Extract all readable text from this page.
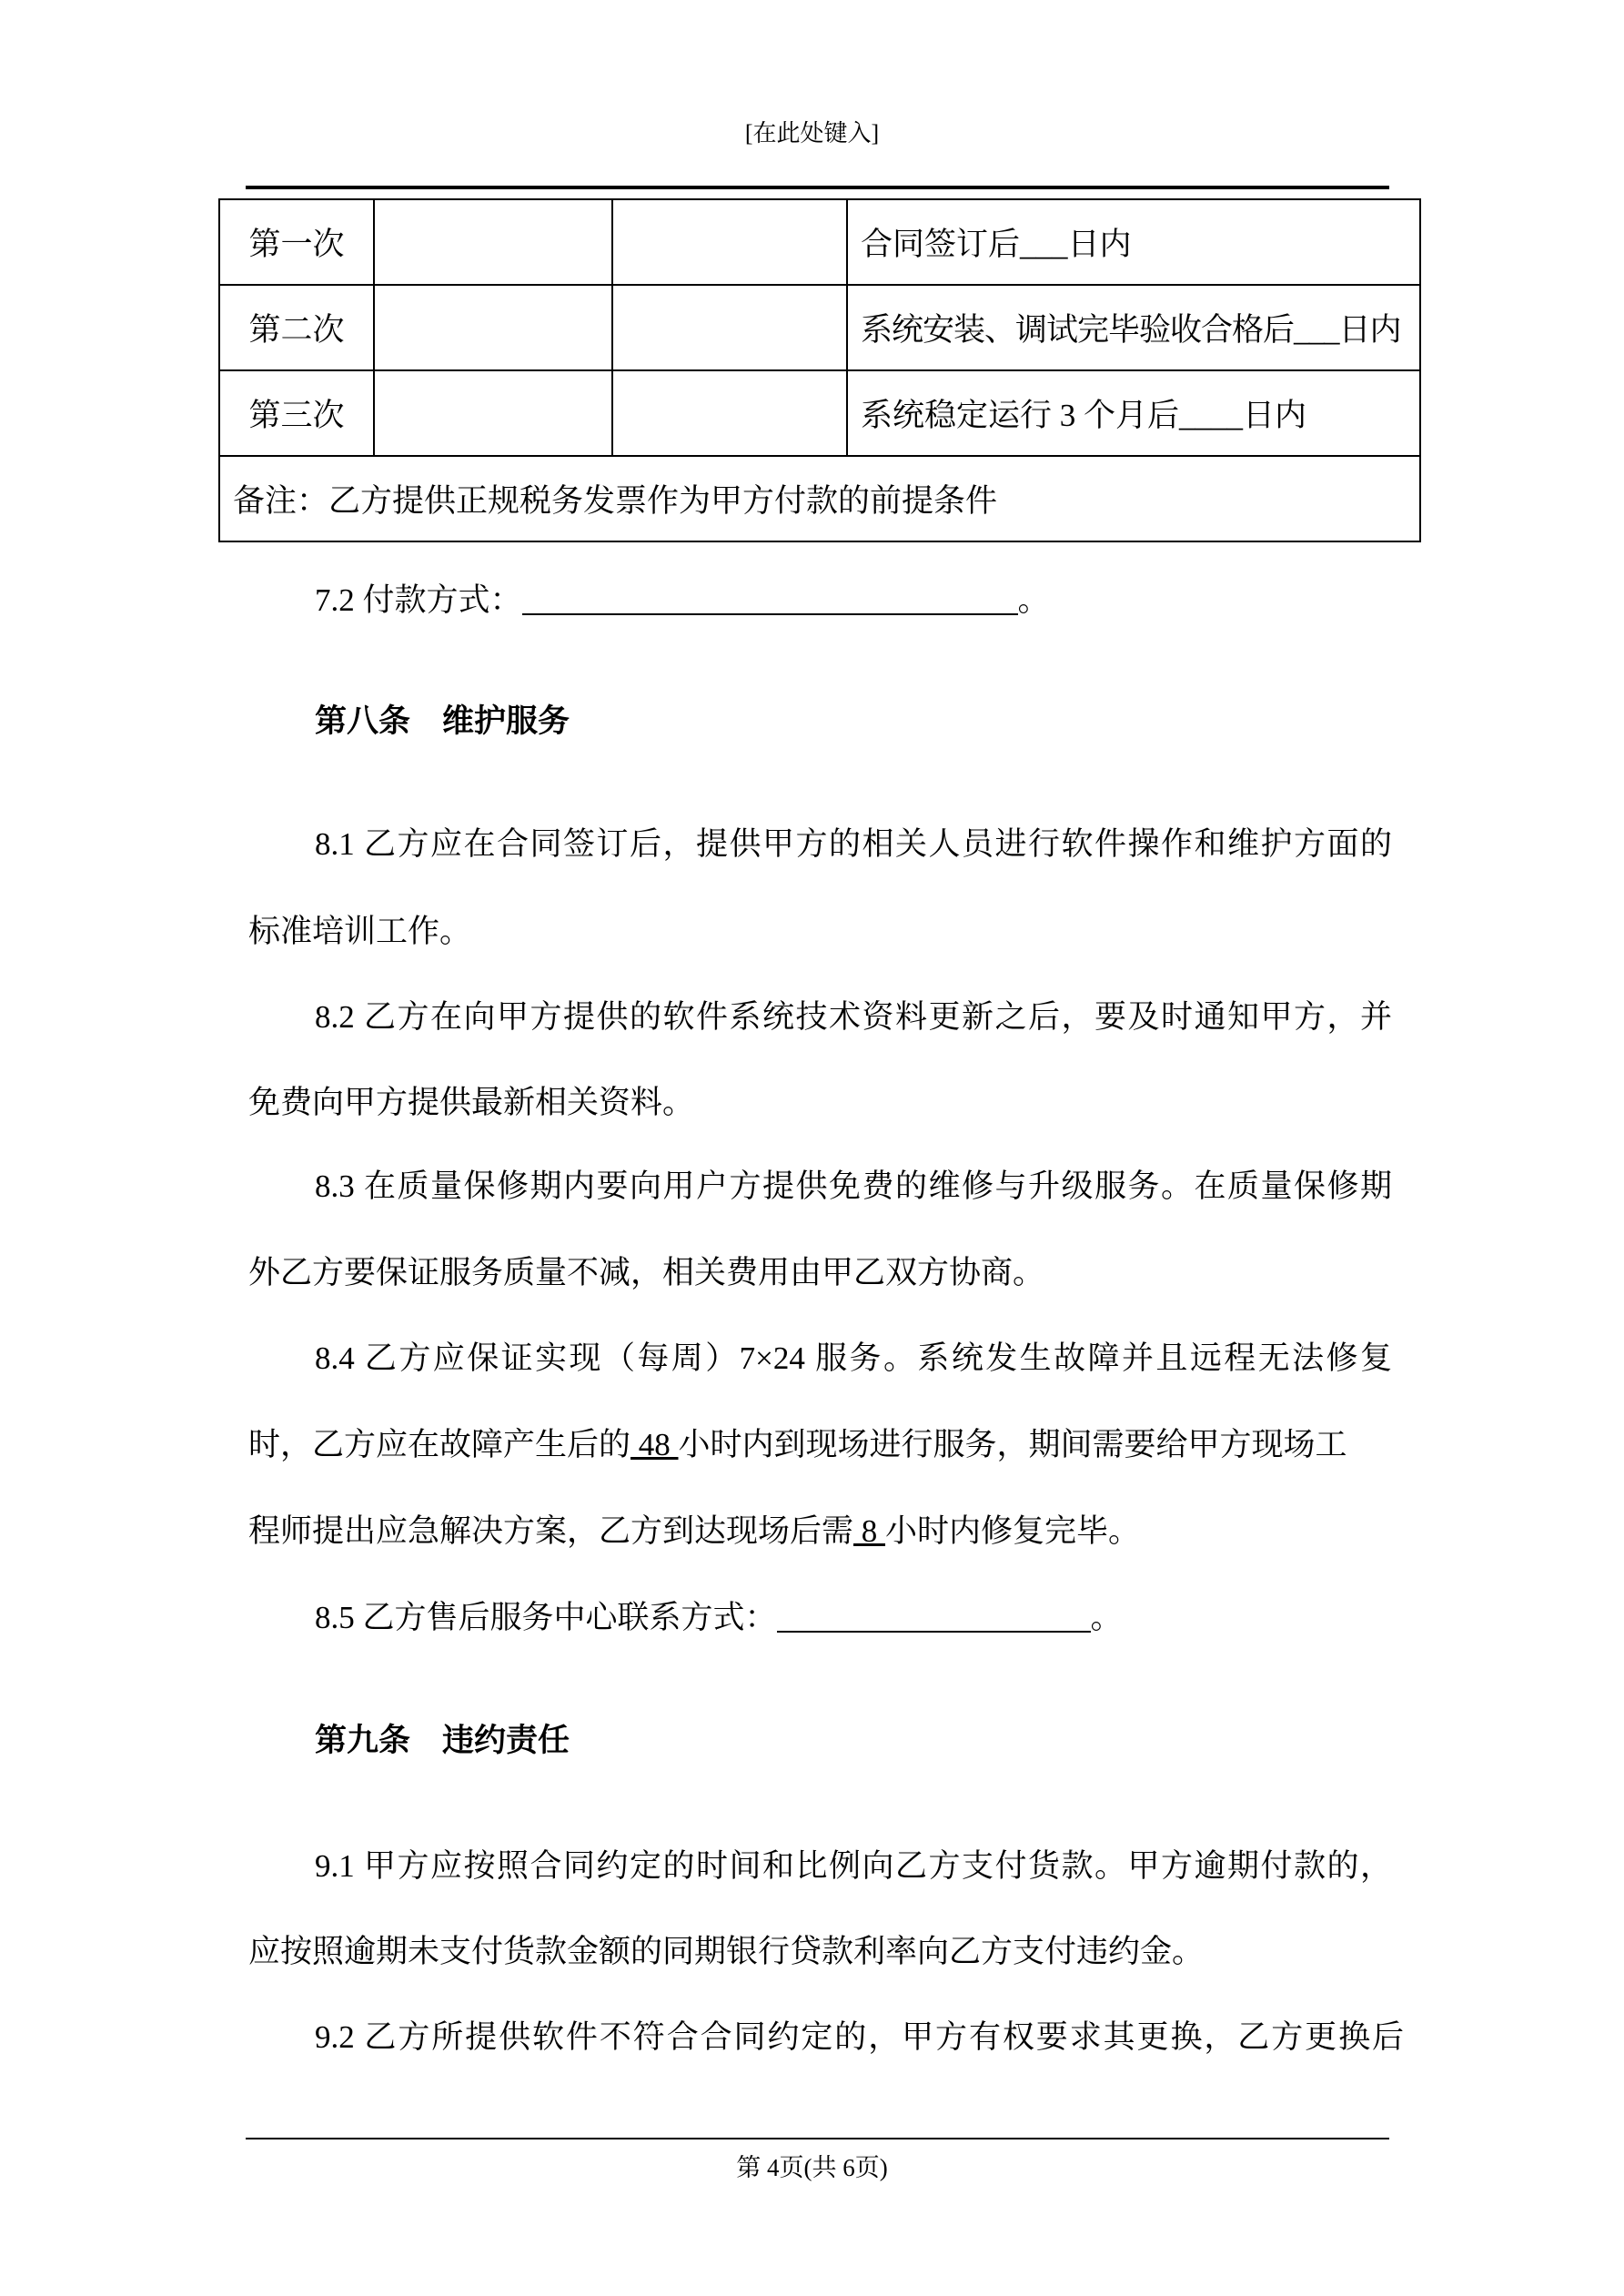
[在此处键入]
第一次			合同签订后___日内
第二次			系统安装、调试完毕验收合格后___日内
第三次			系统稳定运行 3 个月后____日内
备注：乙方提供正规税务发票作为甲方付款的前提条件			
7.2 付款方式：	。
第八条　维护服务
8.1 乙方应在合同签订后，提供甲方的相关人员进行软件操作和维护方面的
标准培训工作。
8.2 乙方在向甲方提供的软件系统技术资料更新之后，要及时通知甲方，并
免费向甲方提供最新相关资料。
8.3 在质量保修期内要向用户方提供免费的维修与升级服务。在质量保修期
外乙方要保证服务质量不减，相关费用由甲乙双方协商。
8.4 乙方应保证实现（每周）7×24 服务。系统发生故障并且远程无法修复
时，乙方应在故障产生后的 48 小时内到现场进行服务，期间需要给甲方现场工
程师提出应急解决方案，乙方到达现场后需 8 小时内修复完毕。
8.5 乙方售后服务中心联系方式：	。
第九条　违约责任
9.1 甲方应按照合同约定的时间和比例向乙方支付货款。甲方逾期付款的，
应按照逾期未支付货款金额的同期银行贷款利率向乙方支付违约金。
9.2 乙方所提供软件不符合合同约定的，甲方有权要求其更换，乙方更换后
第 4页(共 6页)
